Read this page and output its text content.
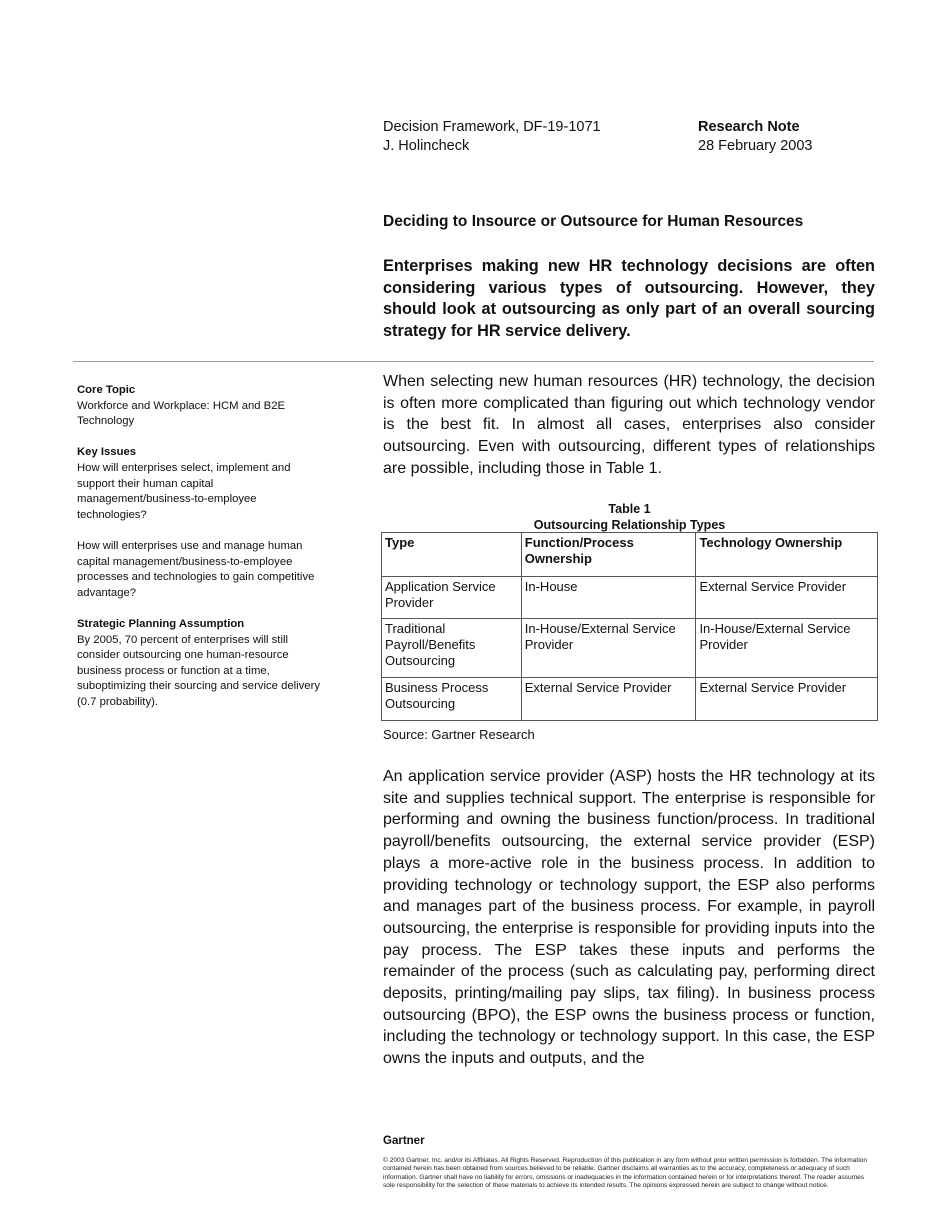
Decision Framework, DF-19-1071
J. Holincheck
Research Note
28 February 2003
Deciding to Insource or Outsource for Human Resources
Enterprises making new HR technology decisions are often considering various types of outsourcing. However, they should look at outsourcing as only part of an overall sourcing strategy for HR service delivery.
Core Topic

Workforce and Workplace: HCM and B2E Technology

Key Issues

How will enterprises select, implement and support their human capital management/business-to-employee technologies?

How will enterprises use and manage human capital management/business-to-employee processes and technologies to gain competitive advantage?

Strategic Planning Assumption

By 2005, 70 percent of enterprises will still consider outsourcing one human-resource business process or function at a time, suboptimizing their sourcing and service delivery (0.7 probability).

When selecting new human resources (HR) technology, the decision is often more complicated than figuring out which technology vendor is the best fit. In almost all cases, enterprises also consider outsourcing. Even with outsourcing, different types of relationships are possible, including those in Table 1.

Table 1
Outsourcing Relationship Types
Type	Function/Process Ownership	Technology Ownership
Application Service Provider	In-House	External Service Provider
Traditional Payroll/Benefits Outsourcing	In-House/External Service Provider	In-House/External Service Provider
Business Process Outsourcing	External Service Provider	External Service Provider
Source: Gartner Research

An application service provider (ASP) hosts the HR technology at its site and supplies technical support. The enterprise is responsible for performing and owning the business function/process. In traditional payroll/benefits outsourcing, the external service provider (ESP) plays a more-active role in the business process. In addition to providing technology or technology support, the ESP also performs and manages part of the business process. For example, in payroll outsourcing, the enterprise is responsible for providing inputs into the pay process. The ESP takes these inputs and performs the remainder of the process (such as calculating pay, performing direct deposits, printing/mailing pay slips, tax filing). In business process outsourcing (BPO), the ESP owns the business process or function, including the technology or technology support. In this case, the ESP owns the inputs and outputs, and the

Gartner
© 2003 Gartner, Inc. and/or its Affiliates. All Rights Reserved. Reproduction of this publication in any form without prior written permission is forbidden. The information contained herein has been obtained from sources believed to be reliable. Gartner disclaims all warranties as to the accuracy, completeness or adequacy of such information. Gartner shall have no liability for errors, omissions or inadequacies in the information contained herein or for interpretations thereof. The reader assumes sole responsibility for the selection of these materials to achieve its intended results. The opinions expressed herein are subject to change without notice.
